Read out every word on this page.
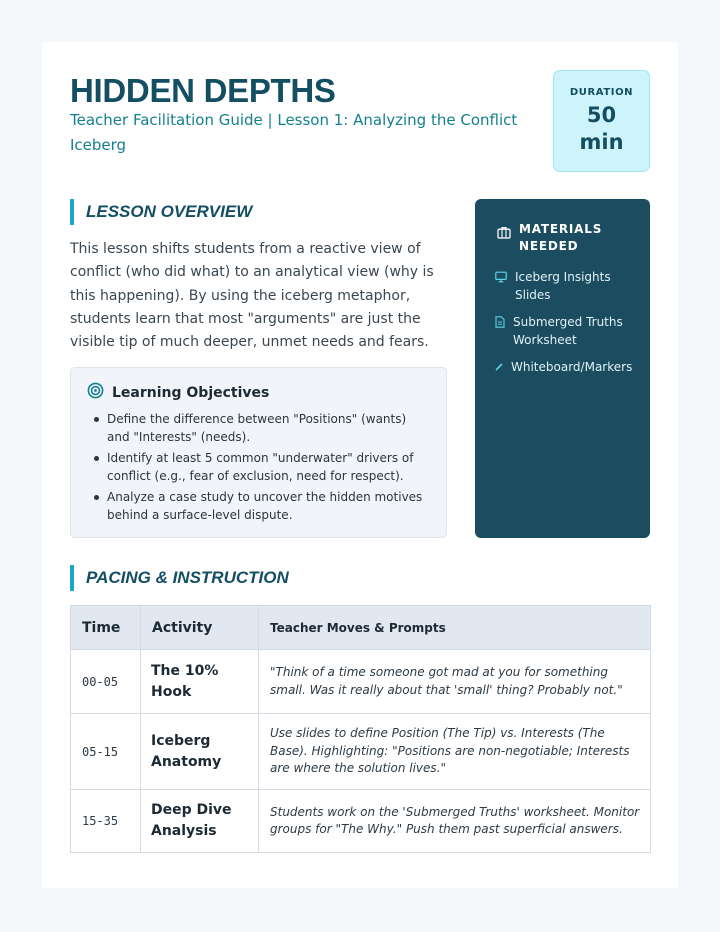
HIDDEN DEPTHS
Teacher Facilitation Guide | Lesson 1: Analyzing the Conflict Iceberg
DURATION
50
min
LESSON OVERVIEW

This lesson shifts students from a reactive view of conflict (who did what) to an analytical view (why is this happening). By using the iceberg metaphor, students learn that most "arguments" are just the visible tip of much deeper, unmet needs and fears.

Learning Objectives
Define the difference between "Positions" (wants) and "Interests" (needs).
Identify at least 5 common "underwater" drivers of conflict (e.g., fear of exclusion, need for respect).
Analyze a case study to uncover the hidden motives behind a surface-level dispute.
MATERIALS NEEDED
Iceberg Insights Slides
Submerged Truths Worksheet
Whiteboard/Markers
PACING & INSTRUCTION
Time	Activity	Teacher Moves & Prompts
00-05	The 10% Hook	"Think of a time someone got mad at you for something small. Was it really about that 'small' thing? Probably not."
05-15	Iceberg Anatomy	Use slides to define Position (The Tip) vs. Interests (The Base). Highlighting: "Positions are non-negotiable; Interests are where the solution lives."
15-35	Deep Dive Analysis	Students work on the 'Submerged Truths' worksheet. Monitor groups for "The Why." Push them past superficial answers.
